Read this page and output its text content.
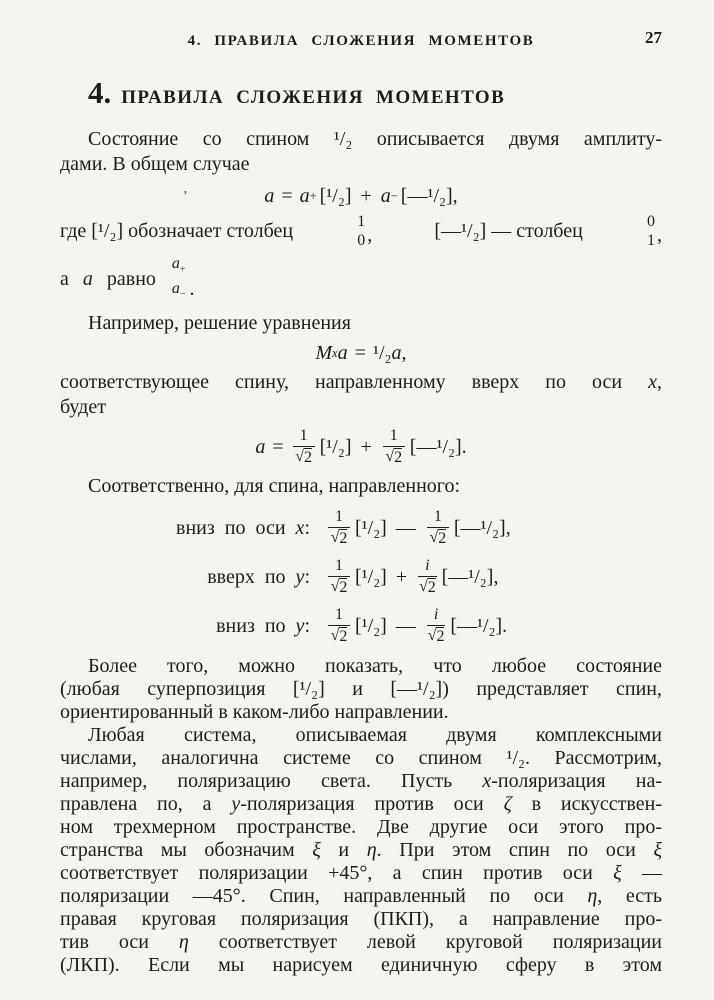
’
4. ПРАВИЛА СЛОЖЕНИЯ МОМЕНТОВ	27
4. ПРАВИЛА СЛОЖЕНИЯ МОМЕНТОВ
Состояние со спином ¹/₂ описывается двумя амплиту-
дами. В общем случае
a = a + [¹/₂] + a − [—¹/₂],
где [¹/₂] обозначает столбец	1
0 ,	[—¹/₂] — столбец	0
1 ,
а a равно
$a_+$
$a_-$ .
Например, решение уравнения
M x a = ¹/₂ a ,
соответствующее спину, направленному вверх по оси x,
будет
$a = \frac{1}{√ 2} [^1/_2] + \frac{1}{√ 2}$ [—¹/₂].
Соответственно, для спина, направленного:
вниз по оси x: $\frac{1}{√ 2} [^1/_2]$ — $\frac{1}{√ 2}$ [—¹/₂],
вверх по y: $\frac{1}{√ 2} [^1/_2] + \frac{i}{√ 2}$ [—¹/₂],
вниз по y: $\frac{1}{√ 2} [^1/_2]$ — $\frac{i}{√ 2}$ [—¹/₂].
Более того, можно показать, что любое состояние
(любая суперпозиция [¹/₂] и [—¹/₂]) представляет спин,
ориентированный в каком-либо направлении.
Любая система, описываемая двумя комплексными
числами, аналогична системе со спином ¹/₂. Рассмотрим,
например, поляризацию света. Пусть x-поляризация на-
правлена по, а y-поляризация против оси ζ в искусствен-
ном трехмерном пространстве. Две другие оси этого про-
странства мы обозначим ξ и η. При этом спин по оси ξ
соответствует поляризации +45°, а спин против оси ξ —
поляризации —45°. Спин, направленный по оси η, есть
правая круговая поляризация (ПКП), а направление про-
тив оси η соответствует левой круговой поляризации
(ЛКП). Если мы нарисуем единичную сферу в этом
